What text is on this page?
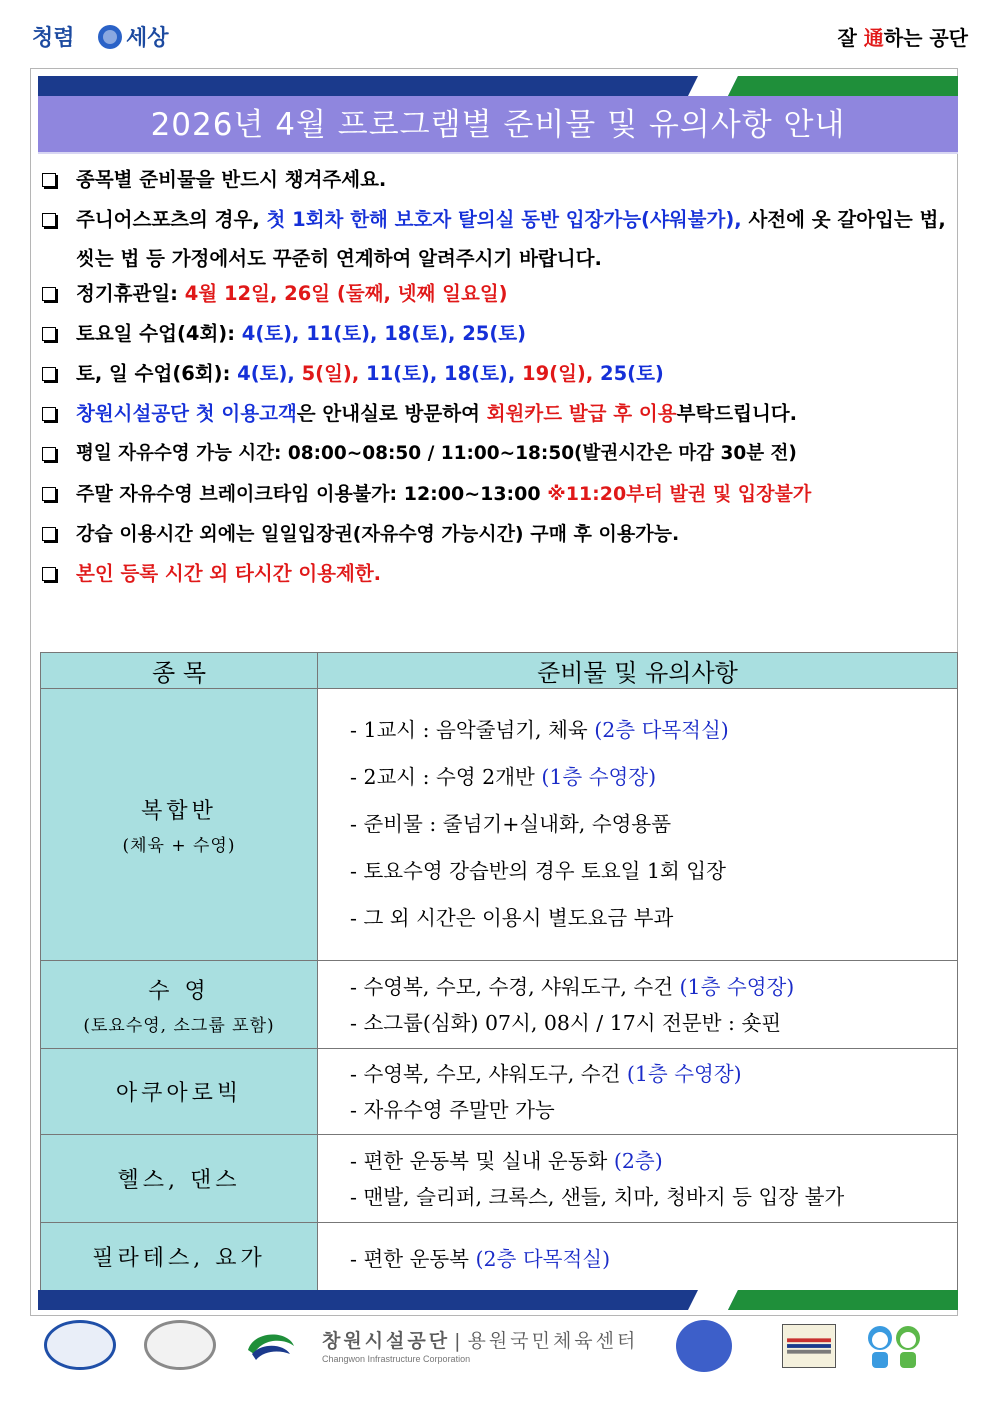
청렴 세상	잘 通하는 공단
2026년 4월 프로그램별 준비물 및 유의사항 안내
종목별 준비물을 반드시 챙겨주세요.
주니어스포츠의 경우, 첫 1회차 한해 보호자 탈의실 동반 입장가능(샤워불가), 사전에 옷 갈아입는 법, 씻는 법 등 가정에서도 꾸준히 연계하여 알려주시기 바랍니다.
정기휴관일: 4월 12일, 26일 (둘째, 넷째 일요일)
토요일 수업(4회): 4(토), 11(토), 18(토), 25(토)
토, 일 수업(6회): 4(토), 5(일), 11(토), 18(토), 19(일), 25(토)
창원시설공단 첫 이용고객은 안내실로 방문하여 회원카드 발급 후 이용부탁드립니다.
평일 자유수영 가능 시간: 08:00~08:50 / 11:00~18:50(발권시간은 마감 30분 전)
주말 자유수영 브레이크타임 이용불가: 12:00~13:00 ※11:20부터 발권 및 입장불가
강습 이용시간 외에는 일일입장권(자유수영 가능시간) 구매 후 이용가능.
본인 등록 시간 외 타시간 이용제한.
종 목	준비물 및 유의사항
복합반
(체육 + 수영)	- 1교시 : 음악줄넘기, 체육 (2층 다목적실)
- 2교시 : 수영 2개반 (1층 수영장)
- 준비물 : 줄넘기+실내화, 수영용품
- 토요수영 강습반의 경우 토요일 1회 입장
- 그 외 시간은 이용시 별도요금 부과

수 영
(토요수영, 소그룹 포함)	- 수영복, 수모, 수경, 샤워도구, 수건 (1층 수영장)
- 소그룹(심화) 07시, 08시 / 17시 전문반 : 숏핀

아쿠아로빅	- 수영복, 수모, 샤워도구, 수건 (1층 수영장)
- 자유수영 주말만 가능

헬스, 댄스	- 편한 운동복 및 실내 운동화 (2층)
- 맨발, 슬리퍼, 크록스, 샌들, 치마, 청바지 등 입장 불가

필라테스, 요가	- 편한 운동복 (2층 다목적실)
창원시설공단 | 용원국민체육센터
Changwon Infrastructure Corporation
